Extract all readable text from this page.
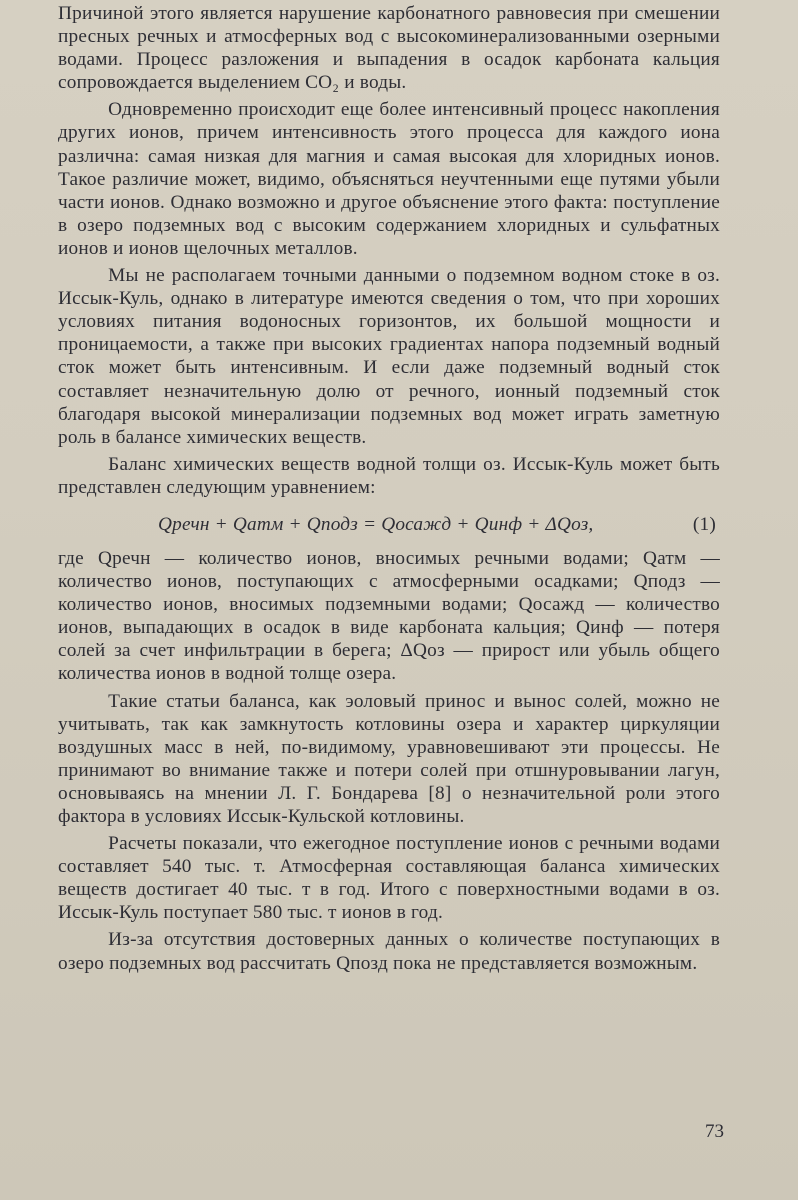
Причиной этого является нарушение карбонатного равновесия при смешении пресных речных и атмосферных вод с высокоминерализованными озерными водами. Процесс разложения и выпадения в осадок карбоната кальция сопровождается выделением CO₂ и воды.

Одновременно происходит еще более интенсивный процесс накопления других ионов, причем интенсивность этого процесса для каждого иона различна: самая низкая для магния и самая высокая для хлоридных ионов. Такое различие может, видимо, объясняться неучтенными еще путями убыли части ионов. Однако возможно и другое объяснение этого факта: поступление в озеро подземных вод с высоким содержанием хлоридных и сульфатных ионов и ионов щелочных металлов.

Мы не располагаем точными данными о подземном водном стоке в оз. Иссык-Куль, однако в литературе имеются сведения о том, что при хороших условиях питания водоносных горизонтов, их большой мощности и проницаемости, а также при высоких градиентах напора подземный водный сток может быть интенсивным. И если даже подземный водный сток составляет незначительную долю от речного, ионный подземный сток благодаря высокой минерализации подземных вод может играть заметную роль в балансе химических веществ.

Баланс химических веществ водной толщи оз. Иссык-Куль может быть представлен следующим уравнением:

Qречн + Qатм + Qподз = Qосажд + Qинф + ΔQоз,	(1)

где Qречн — количество ионов, вносимых речными водами; Qатм — количество ионов, поступающих с атмосферными осадками; Qподз — количество ионов, вносимых подземными водами; Qосажд — количество ионов, выпадающих в осадок в виде карбоната кальция; Qинф — потеря солей за счет инфильтрации в берега; ΔQоз — прирост или убыль общего количества ионов в водной толще озера.

Такие статьи баланса, как эоловый принос и вынос солей, можно не учитывать, так как замкнутость котловины озера и характер циркуляции воздушных масс в ней, по-видимому, уравновешивают эти процессы. Не принимают во внимание также и потери солей при отшнуровывании лагун, основываясь на мнении Л. Г. Бондарева [8] о незначительной роли этого фактора в условиях Иссык-Кульской котловины.

Расчеты показали, что ежегодное поступление ионов с речными водами составляет 540 тыс. т. Атмосферная составляющая баланса химических веществ достигает 40 тыс. т в год. Итого с поверхностными водами в оз. Иссык-Куль поступает 580 тыс. т ионов в год.

Из-за отсутствия достоверных данных о количестве поступающих в озеро подземных вод рассчитать Qпозд пока не представляется возможным.

73
